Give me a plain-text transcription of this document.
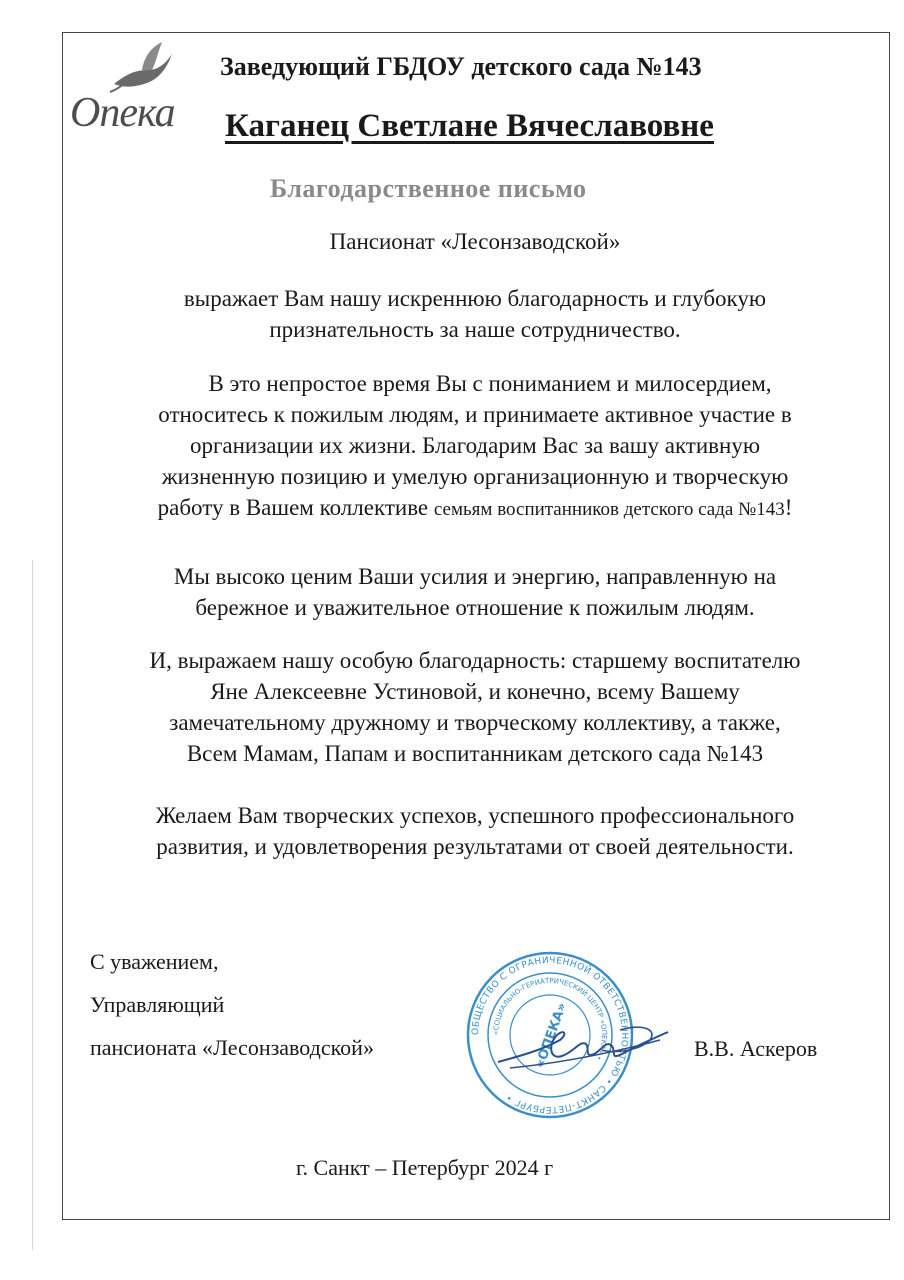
Опека
Заведующий ГБДОУ детского сада №143
Каганец Светлане Вячеславовне
Благодарственное письмо
Пансионат «Лесонзаводской»
выражает Вам нашу искреннюю благодарность и глубокую
признательность за наше сотрудничество.
В это непростое время Вы с пониманием и милосердием,
относитесь к пожилым людям, и принимаете активное участие в
организации их жизни. Благодарим Вас за вашу активную
жизненную позицию и умелую организационную и творческую
работу в Вашем коллективе семьям воспитанников детского сада №143!
Мы высоко ценим Ваши усилия и энергию, направленную на
бережное и уважительное отношение к пожилым людям.
И, выражаем нашу особую благодарность: старшему воспитателю
Яне Алексеевне Устиновой, и конечно, всему Вашему
замечательному дружному и творческому коллективу, а также,
Всем Мамам, Папам и воспитанникам детского сада №143
Желаем Вам творческих успехов, успешного профессионального
развития, и удовлетворения результатами от своей деятельности.
С уважением,
Управляющий
пансионата «Лесонзаводской»
ОБЩЕСТВО С ОГРАНИЧЕННОЙ ОТВЕТСТВЕННОСТЬЮ • САНКТ-ПЕТЕРБУРГ •
«СОЦИАЛЬНО-ГЕРИАТРИЧЕСКИЙ ЦЕНТР «ОПЕКА» •
«ОПЕКА»	В.В. Аскеров
г. Санкт – Петербург 2024 г
